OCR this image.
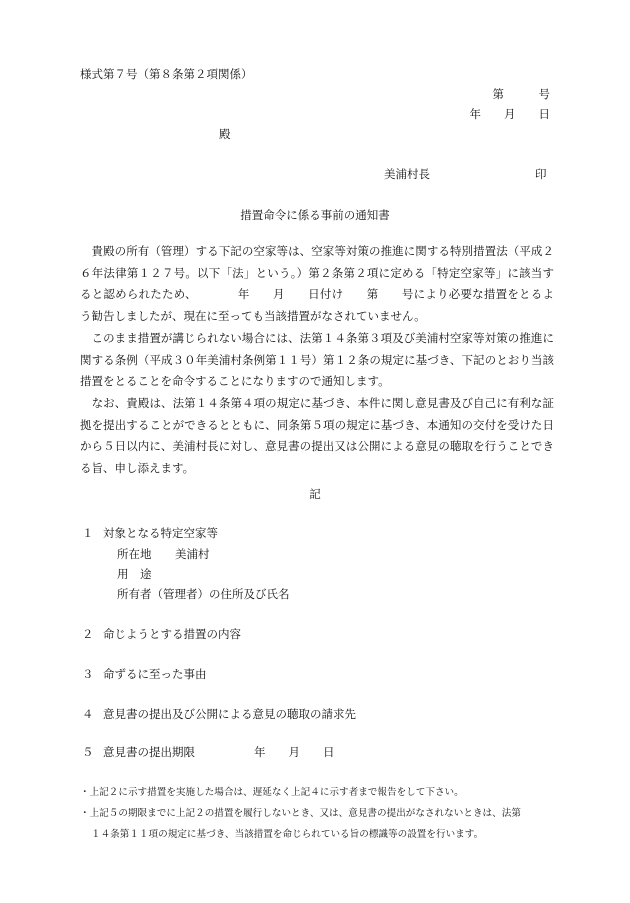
様式第７号（第８条第２項関係）
第　　　号
年　　月　　日
殿
美浦村長	印
措置命令に係る事前の通知書
　貴殿の所有（管理）する下記の空家等は、空家等対策の推進に関する特別措置法（平成２６年法律第１２７号。以下「法」という。）第２条第２項に定める「特定空家等」に該当すると認められたため、　　　　年　　月　　日付け　　第　　号により必要な措置をとるよう勧告しましたが、現在に至っても当該措置がなされていません。
　このまま措置が講じられない場合には、法第１４条第３項及び美浦村空家等対策の推進に関する条例（平成３０年美浦村条例第１１号）第１２条の規定に基づき、下記のとおり当該措置をとることを命令することになりますので通知します。
　なお、貴殿は、法第１４条第４項の規定に基づき、本件に関し意見書及び自己に有利な証拠を提出することができるとともに、同条第５項の規定に基づき、本通知の交付を受けた日から５日以内に、美浦村長に対し、意見書の提出又は公開による意見の聴取を行うことできる旨、申し添えます。
記
１ 対象となる特定空家等
所在地 美浦村
用　途
所有者（管理者）の住所及び氏名
２ 命じようとする措置の内容
３ 命ずるに至った事由
４ 意見書の提出及び公開による意見の聴取の請求先
５ 意見書の提出期限	年　　月　　日
・上記２に示す措置を実施した場合は、遅延なく上記４に示す者まで報告をして下さい。
・上記５の期限までに上記２の措置を履行しないとき、又は、意見書の提出がなされないときは、法第
１４条第１１項の規定に基づき、当該措置を命じられている旨の標識等の設置を行います。
